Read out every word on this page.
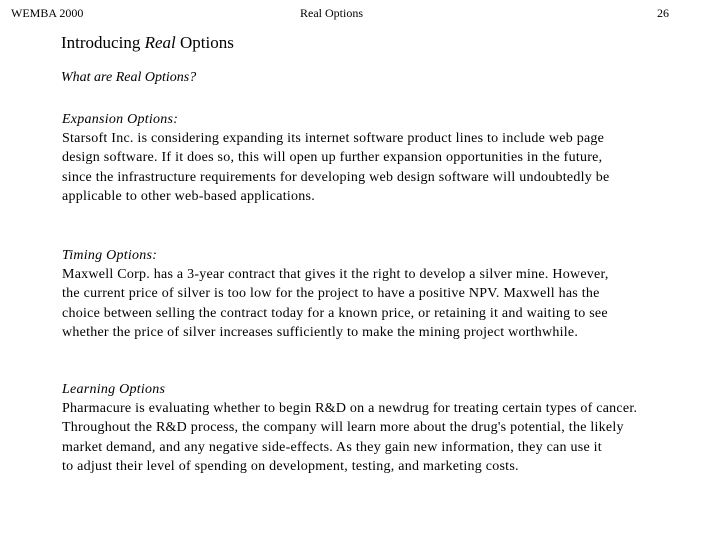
WEMBA 2000	Real Options	26
Introducing Real Options
What are Real Options?
Expansion Options:
Starsoft Inc. is considering expanding its internet software product lines to include web page
design software. If it does so, this will open up further expansion opportunities in the future,
since the infrastructure requirements for developing web design software will undoubtedly be
applicable to other web-based applications.
Timing Options:
Maxwell Corp. has a 3-year contract that gives it the right to develop a silver mine. However,
the current price of silver is too low for the project to have a positive NPV. Maxwell has the
choice between selling the contract today for a known price, or retaining it and waiting to see
whether the price of silver increases sufficiently to make the mining project worthwhile.
Learning Options
Pharmacure is evaluating whether to begin R&D on a newdrug for treating certain types of cancer.
Throughout the R&D process, the company will learn more about the drug's potential, the likely
market demand, and any negative side-effects. As they gain new information, they can use it
to adjust their level of spending on development, testing, and marketing costs.
